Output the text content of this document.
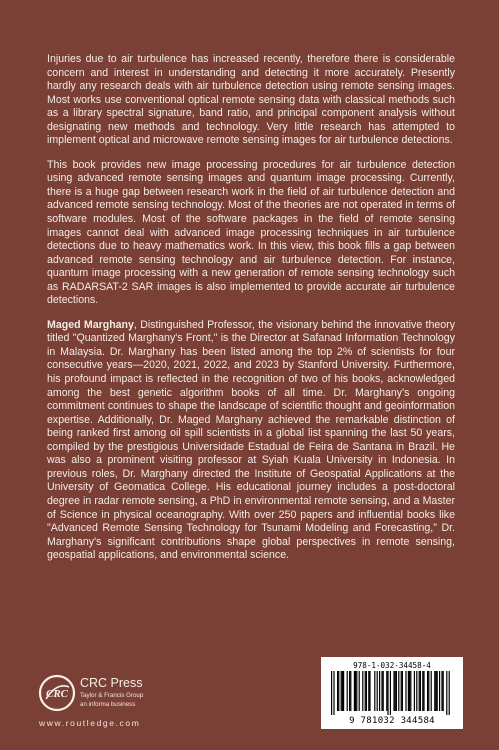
Injuries due to air turbulence has increased recently, therefore there is considerable concern and interest in understanding and detecting it more accurately. Presently hardly any research deals with air turbulence detection using remote sensing images. Most works use conventional optical remote sensing data with classical methods such as a library spectral signature, band ratio, and principal component analysis without designating new methods and technology. Very little research has attempted to implement optical and microwave remote sensing images for air turbulence detections.

This book provides new image processing procedures for air turbulence detection using advanced remote sensing images and quantum image processing. Currently, there is a huge gap between research work in the field of air turbulence detection and advanced remote sensing technology. Most of the theories are not operated in terms of software modules. Most of the software packages in the field of remote sensing images cannot deal with advanced image processing techniques in air turbulence detections due to heavy mathematics work. In this view, this book fills a gap between advanced remote sensing technology and air turbulence detection. For instance, quantum image processing with a new generation of remote sensing technology such as RADARSAT-2 SAR images is also implemented to provide accurate air turbulence detections.

Maged Marghany, Distinguished Professor, the visionary behind the innovative theory titled "Quantized Marghany's Front," is the Director at Safanad Information Technology in Malaysia. Dr. Marghany has been listed among the top 2% of scientists for four consecutive years—2020, 2021, 2022, and 2023 by Stanford University. Furthermore, his profound impact is reflected in the recognition of two of his books, acknowledged among the best genetic algorithm books of all time. Dr. Marghany's ongoing commitment continues to shape the landscape of scientific thought and geoinformation expertise. Additionally, Dr. Maged Marghany achieved the remarkable distinction of being ranked first among oil spill scientists in a global list spanning the last 50 years, compiled by the prestigious Universidade Estadual de Feira de Santana in Brazil. He was also a prominent visiting professor at Syiah Kuala University in Indonesia. In previous roles, Dr. Marghany directed the Institute of Geospatial Applications at the University of Geomatica College. His educational journey includes a post-doctoral degree in radar remote sensing, a PhD in environmental remote sensing, and a Master of Science in physical oceanography. With over 250 papers and influential books like "Advanced Remote Sensing Technology for Tsunami Modeling and Forecasting," Dr. Marghany's significant contributions shape global perspectives in remote sensing, geospatial applications, and environmental science.

CRC
CRC Press
Taylor & Francis Group
an informa business
www.routledge.com
978-1-032-34458-4
9 781032 344584
